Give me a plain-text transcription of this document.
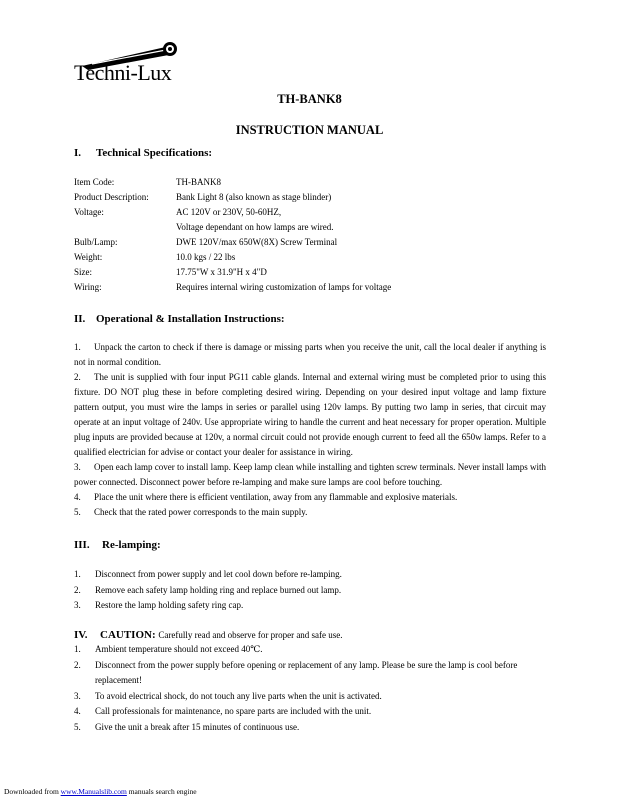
Techni-Lux
TH-BANK8
INSTRUCTION MANUAL
I. Technical Specifications:
Item Code:	TH-BANK8
Product Description:	Bank Light 8 (also known as stage blinder)
Voltage:	AC 120V or 230V, 50-60HZ,
Voltage dependant on how lamps are wired.
Bulb/Lamp:	DWE 120V/max 650W(8X) Screw Terminal
Weight:	10.0 kgs / 22 lbs
Size:	17.75"W x 31.9"H x 4"D
Wiring:	Requires internal wiring customization of lamps for voltage
II. Operational & Installation Instructions:

1. Unpack the carton to check if there is damage or missing parts when you receive the unit, call the local dealer if anything is not in normal condition.

2. The unit is supplied with four input PG11 cable glands. Internal and external wiring must be completed prior to using this fixture. DO NOT plug these in before completing desired wiring. Depending on your desired input voltage and lamp fixture pattern output, you must wire the lamps in series or parallel using 120v lamps. By putting two lamp in series, that circuit may operate at an input voltage of 240v. Use appropriate wiring to handle the current and heat necessary for proper operation. Multiple plug inputs are provided because at 120v, a normal circuit could not provide enough current to feed all the 650w lamps. Refer to a qualified electrician for advise or contact your dealer for assistance in wiring.

3. Open each lamp cover to install lamp. Keep lamp clean while installing and tighten screw terminals. Never install lamps with power connected. Disconnect power before re-lamping and make sure lamps are cool before touching.

4. Place the unit where there is efficient ventilation, away from any flammable and explosive materials.

5. Check that the rated power corresponds to the main supply.

III. Re-lamping:
1.	Disconnect from power supply and let cool down before re-lamping.
2.	Remove each safety lamp holding ring and replace burned out lamp.
3.	Restore the lamp holding safety ring cap.
IV. CAUTION: Carefully read and observe for proper and safe use.
1.	Ambient temperature should not exceed 40℃.
2.	Disconnect from the power supply before opening or replacement of any lamp. Please be sure the lamp is cool before replacement!
3.	To avoid electrical shock, do not touch any live parts when the unit is activated.
4.	Call professionals for maintenance, no spare parts are included with the unit.
5.	Give the unit a break after 15 minutes of continuous use.
Downloaded from www.Manualslib.com manuals search engine
